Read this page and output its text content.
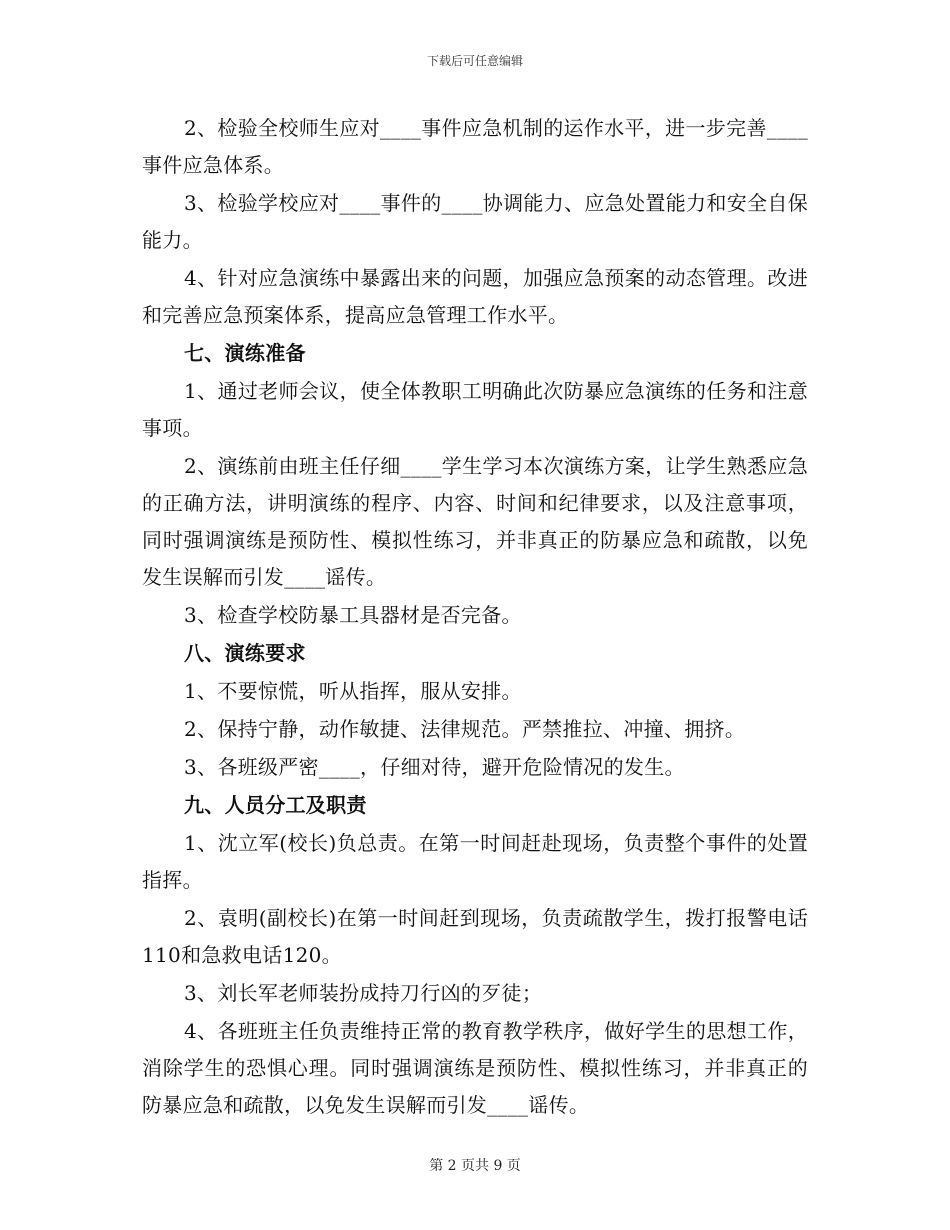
下载后可任意编辑

2、检验全校师生应对____事件应急机制的运作水平，进一步完善____事件应急体系。

3、检验学校应对____事件的____协调能力、应急处置能力和安全自保能力。

4、针对应急演练中暴露出来的问题，加强应急预案的动态管理。改进和完善应急预案体系，提高应急管理工作水平。

七、演练准备

1、通过老师会议，使全体教职工明确此次防暴应急演练的任务和注意事项。

2、演练前由班主任仔细____学生学习本次演练方案，让学生熟悉应急的正确方法，讲明演练的程序、内容、时间和纪律要求，以及注意事项，同时强调演练是预防性、模拟性练习，并非真正的防暴应急和疏散，以免发生误解而引发____谣传。

3、检查学校防暴工具器材是否完备。

八、演练要求

1、不要惊慌，听从指挥，服从安排。

2、保持宁静，动作敏捷、法律规范。严禁推拉、冲撞、拥挤。

3、各班级严密____，仔细对待，避开危险情况的发生。

九、人员分工及职责

1、沈立军(校长)负总责。在第一时间赶赴现场，负责整个事件的处置指挥。

2、袁明(副校长)在第一时间赶到现场，负责疏散学生，拨打报警电话110和急救电话120。

3、刘长军老师装扮成持刀行凶的歹徒；

4、各班班主任负责维持正常的教育教学秩序，做好学生的思想工作，消除学生的恐惧心理。同时强调演练是预防性、模拟性练习，并非真正的防暴应急和疏散，以免发生误解而引发____谣传。

第 2 页共 9 页
